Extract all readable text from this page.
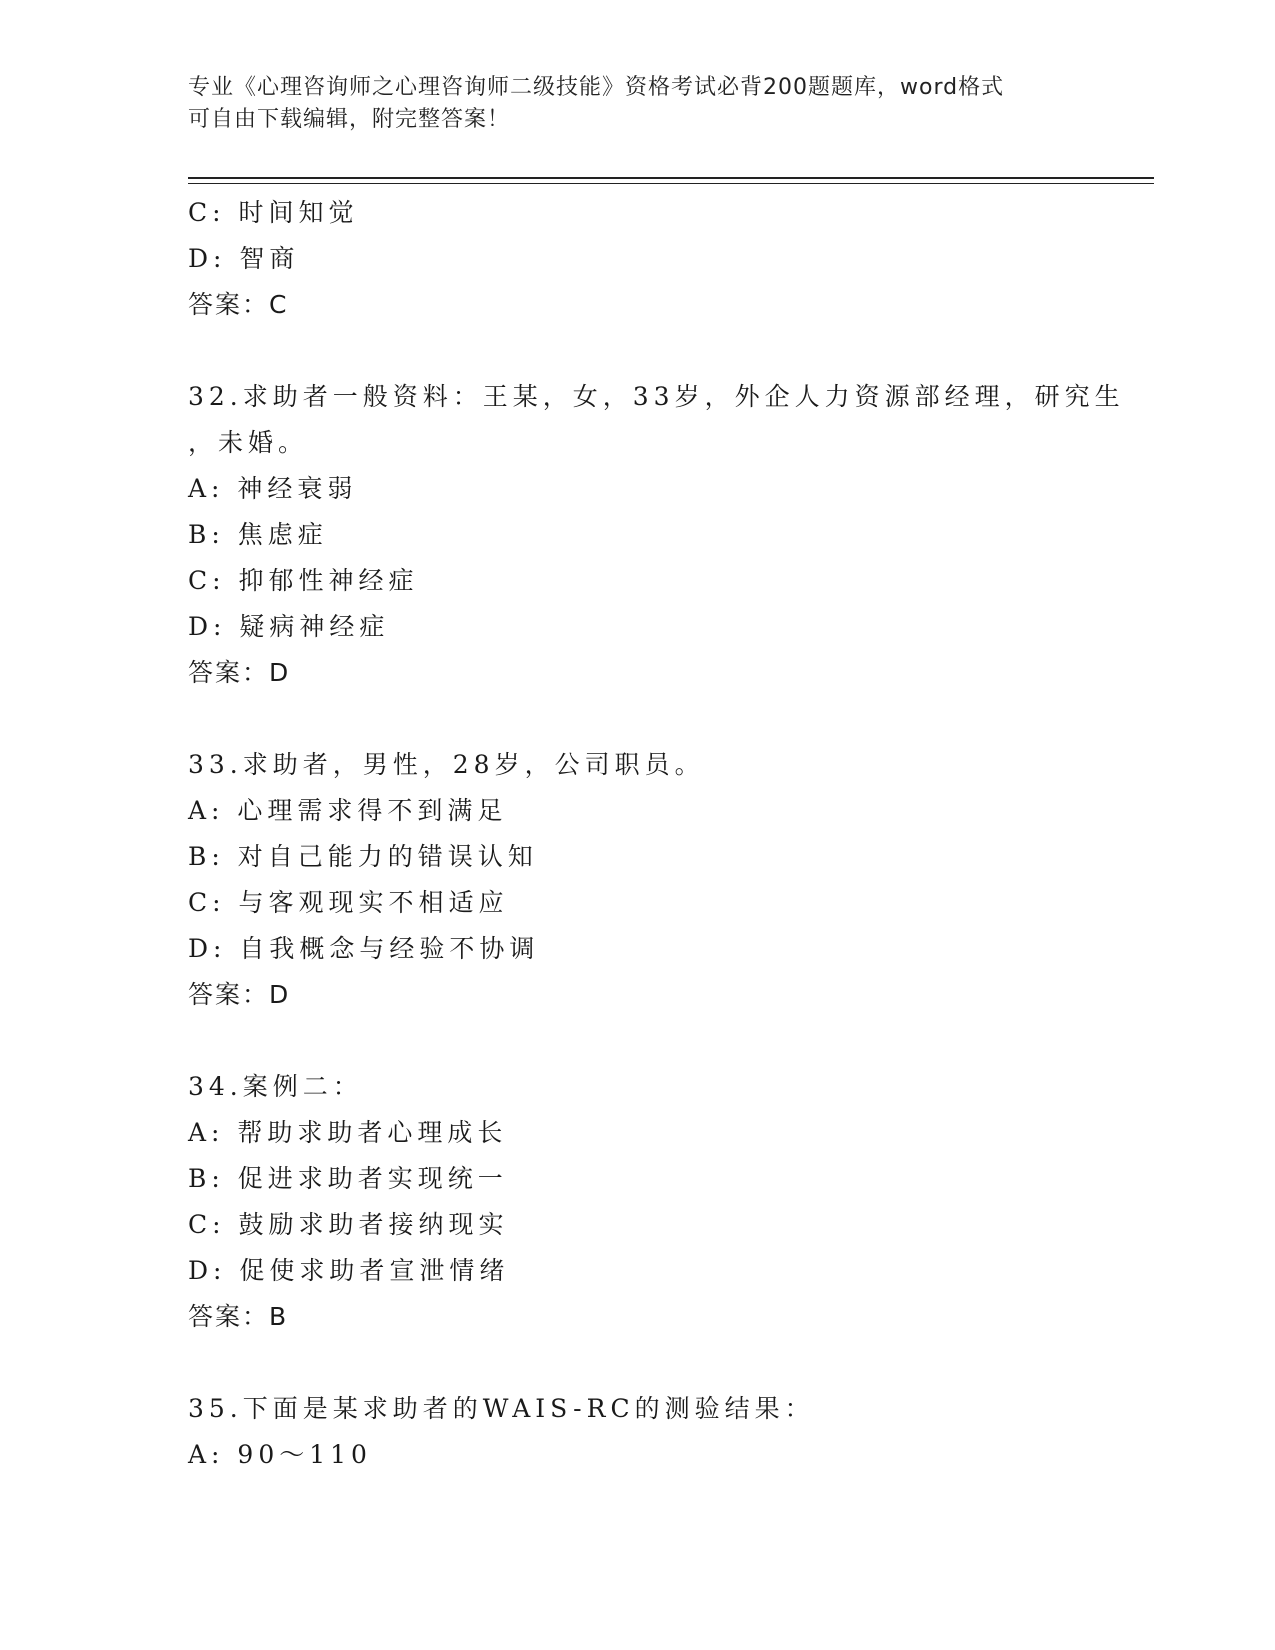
专业《心理咨询师之心理咨询师二级技能》资格考试必背200题题库，word格式
可自由下载编辑，附完整答案！
C: 时间知觉
D: 智商
答案：C
32.求助者一般资料：王某，女，33岁，外企人力资源部经理，研究生
，未婚。
A: 神经衰弱
B: 焦虑症
C: 抑郁性神经症
D: 疑病神经症
答案：D
33.求助者，男性，28岁，公司职员。
A: 心理需求得不到满足
B: 对自己能力的错误认知
C: 与客观现实不相适应
D: 自我概念与经验不协调
答案：D
34.案例二：
A: 帮助求助者心理成长
B: 促进求助者实现统一
C: 鼓励求助者接纳现实
D: 促使求助者宣泄情绪
答案：B
35.下面是某求助者的WAIS-RC的测验结果：
A: 90～110
